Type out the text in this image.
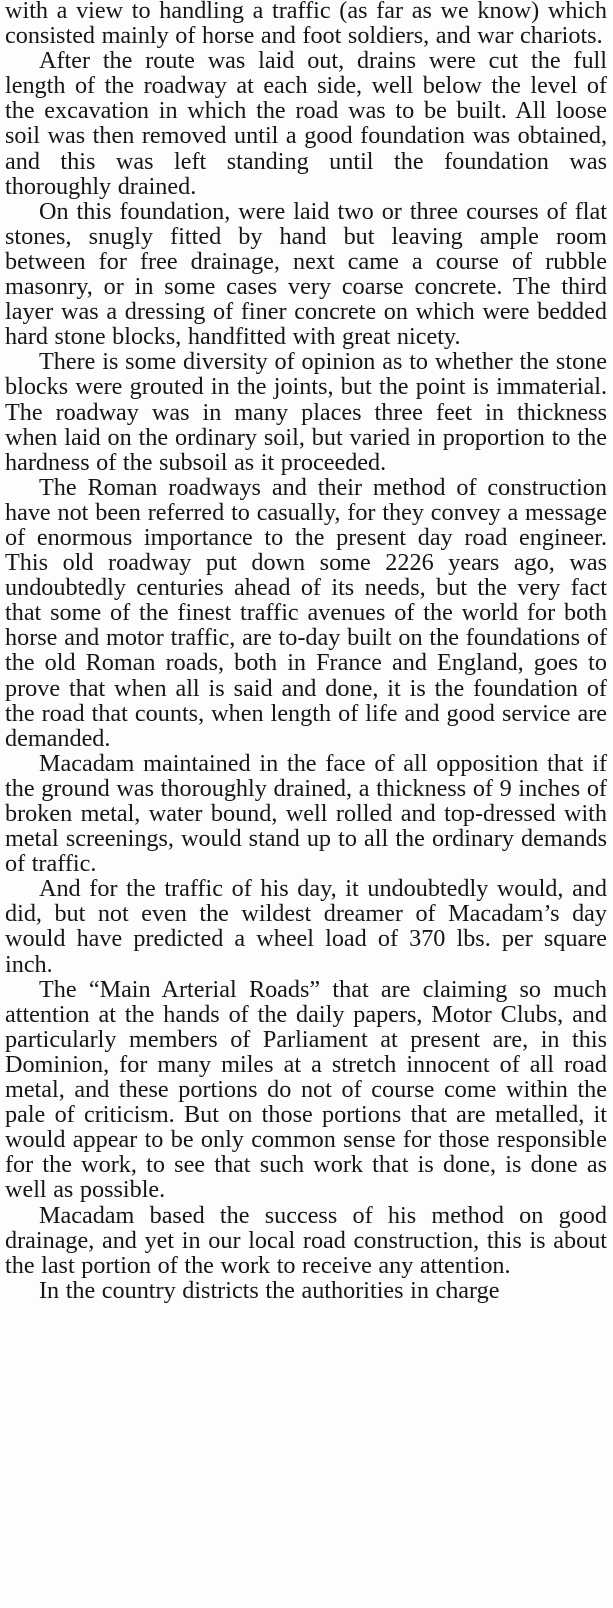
with a view to handling a traffic (as far as we know) which consisted mainly of horse and foot soldiers, and war chariots.

After the route was laid out, drains were cut the full length of the roadway at each side, well below the level of the excavation in which the road was to be built. All loose soil was then removed until a good foundation was obtained, and this was left standing until the foundation was thoroughly drained.

On this foundation, were laid two or three courses of flat stones, snugly fitted by hand but leaving ample room between for free drainage, next came a course of rubble masonry, or in some cases very coarse concrete. The third layer was a dressing of finer concrete on which were bedded hard stone blocks, handfitted with great nicety.

There is some diversity of opinion as to whether the stone blocks were grouted in the joints, but the point is immaterial. The roadway was in many places three feet in thickness when laid on the ordinary soil, but varied in proportion to the hardness of the subsoil as it proceeded.

The Roman roadways and their method of construction have not been referred to casually, for they convey a message of enormous importance to the present day road engineer. This old roadway put down some 2226 years ago, was undoubtedly centuries ahead of its needs, but the very fact that some of the finest traffic avenues of the world for both horse and motor traffic, are to-day built on the foundations of the old Roman roads, both in France and England, goes to prove that when all is said and done, it is the foundation of the road that counts, when length of life and good service are demanded.

Macadam maintained in the face of all opposition that if the ground was thoroughly drained, a thickness of 9 inches of broken metal, water bound, well rolled and top-dressed with metal screenings, would stand up to all the ordinary demands of traffic.

And for the traffic of his day, it undoubtedly would, and did, but not even the wildest dreamer of Macadam’s day would have predicted a wheel load of 370 lbs. per square inch.

The “Main Arterial Roads” that are claiming so much attention at the hands of the daily papers, Motor Clubs, and particularly members of Parliament at present are, in this Dominion, for many miles at a stretch innocent of all road metal, and these portions do not of course come within the pale of criticism. But on those portions that are metalled, it would appear to be only common sense for those responsible for the work, to see that such work that is done, is done as well as possible.

Macadam based the success of his method on good drainage, and yet in our local road construction, this is about the last portion of the work to receive any attention.

In the country districts the authorities in charge
